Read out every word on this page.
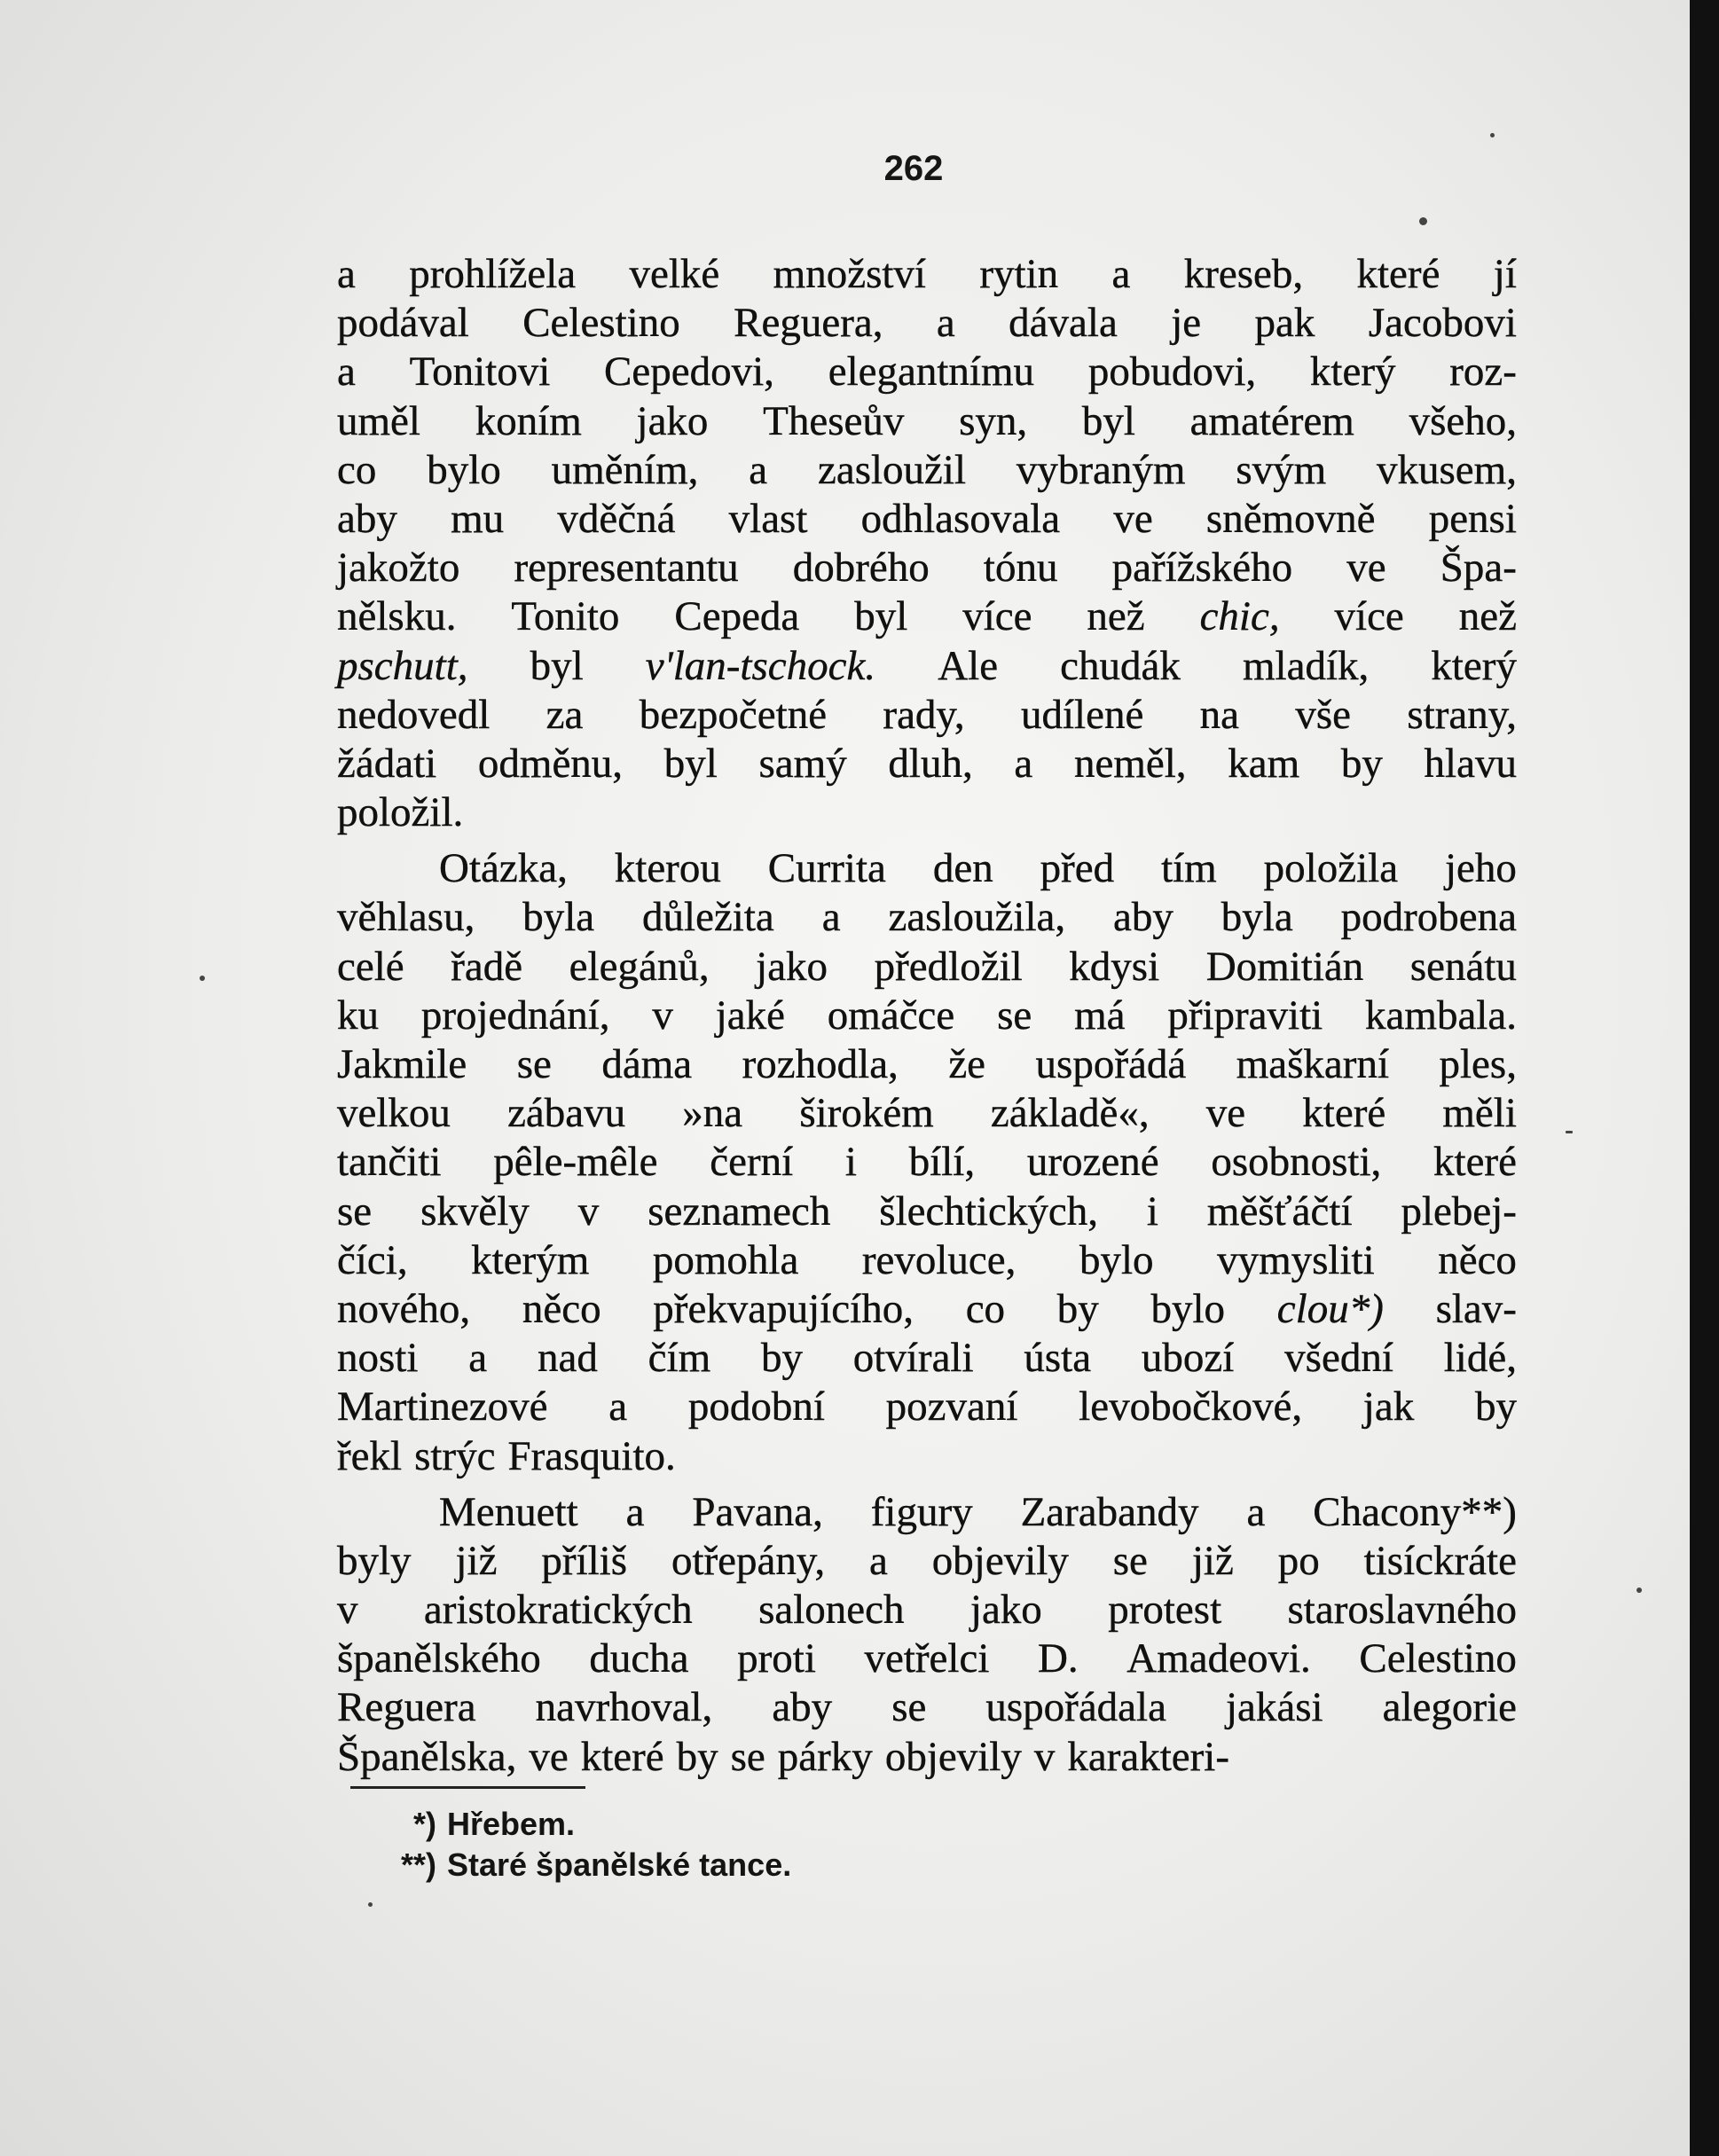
262
a prohlížela velké množství rytin a kreseb, které jí
podával Celestino Reguera, a dávala je pak Jacobovi
a Tonitovi Cepedovi, elegantnímu pobudovi, který roz-
uměl koním jako Theseův syn, byl amatérem všeho,
co bylo uměním, a zasloužil vybraným svým vkusem,
aby mu vděčná vlast odhlasovala ve sněmovně pensi
jakožto representantu dobrého tónu pařížského ve Špa-
nělsku. Tonito Cepeda byl více než chic, více než
pschutt, byl v'lan-tschock. Ale chudák mladík, který
nedovedl za bezpočetné rady, udílené na vše strany,
žádati odměnu, byl samý dluh, a neměl, kam by hlavu
položil.
Otázka, kterou Currita den před tím položila jeho
věhlasu, byla důležita a zasloužila, aby byla podrobena
celé řadě elegánů, jako předložil kdysi Domitián senátu
ku projednání, v jaké omáčce se má připraviti kambala.
Jakmile se dáma rozhodla, že uspořádá maškarní ples,
velkou zábavu »na širokém základě«, ve které měli
tančiti pêle-mêle černí i bílí, urozené osobnosti, které
se skvěly v seznamech šlechtických, i měšťáčtí plebej-
číci, kterým pomohla revoluce, bylo vymysliti něco
nového, něco překvapujícího, co by bylo clou*) slav-
nosti a nad čím by otvírali ústa ubozí všední lidé,
Martinezové a podobní pozvaní levobočkové, jak by
řekl strýc Frasquito.
Menuett a Pavana, figury Zarabandy a Chacony**)
byly již příliš otřepány, a objevily se již po tisíckráte
v aristokratických salonech jako protest staroslavného
španělského ducha proti vetřelci D. Amadeovi. Celestino
Reguera navrhoval, aby se uspořádala jakási alegorie
Španělska, ve které by se párky objevily v karakteri-
*) Hřebem.
**) Staré španělské tance.
